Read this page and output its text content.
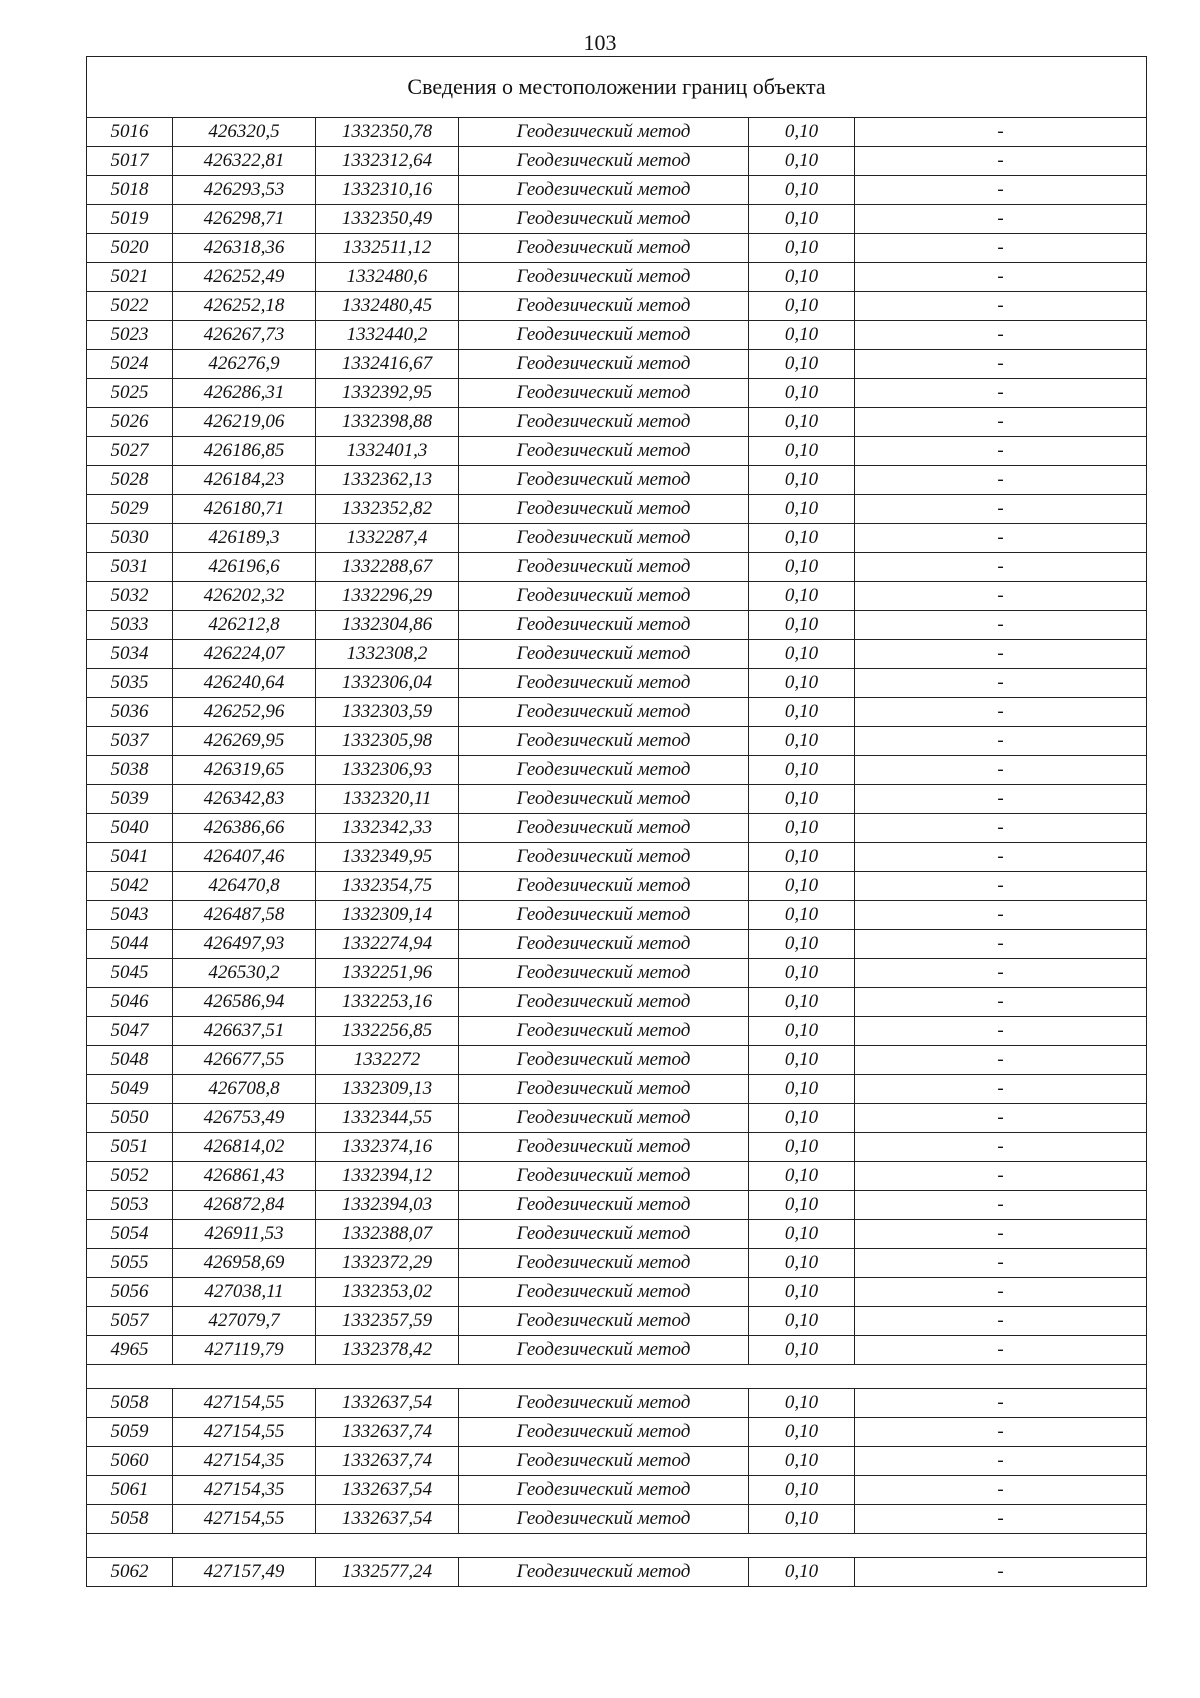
103
Сведения о местоположении границ объекта					
5016	426320,5	1332350,78	Геодезический метод	0,10	-
5017	426322,81	1332312,64	Геодезический метод	0,10	-
5018	426293,53	1332310,16	Геодезический метод	0,10	-
5019	426298,71	1332350,49	Геодезический метод	0,10	-
5020	426318,36	1332511,12	Геодезический метод	0,10	-
5021	426252,49	1332480,6	Геодезический метод	0,10	-
5022	426252,18	1332480,45	Геодезический метод	0,10	-
5023	426267,73	1332440,2	Геодезический метод	0,10	-
5024	426276,9	1332416,67	Геодезический метод	0,10	-
5025	426286,31	1332392,95	Геодезический метод	0,10	-
5026	426219,06	1332398,88	Геодезический метод	0,10	-
5027	426186,85	1332401,3	Геодезический метод	0,10	-
5028	426184,23	1332362,13	Геодезический метод	0,10	-
5029	426180,71	1332352,82	Геодезический метод	0,10	-
5030	426189,3	1332287,4	Геодезический метод	0,10	-
5031	426196,6	1332288,67	Геодезический метод	0,10	-
5032	426202,32	1332296,29	Геодезический метод	0,10	-
5033	426212,8	1332304,86	Геодезический метод	0,10	-
5034	426224,07	1332308,2	Геодезический метод	0,10	-
5035	426240,64	1332306,04	Геодезический метод	0,10	-
5036	426252,96	1332303,59	Геодезический метод	0,10	-
5037	426269,95	1332305,98	Геодезический метод	0,10	-
5038	426319,65	1332306,93	Геодезический метод	0,10	-
5039	426342,83	1332320,11	Геодезический метод	0,10	-
5040	426386,66	1332342,33	Геодезический метод	0,10	-
5041	426407,46	1332349,95	Геодезический метод	0,10	-
5042	426470,8	1332354,75	Геодезический метод	0,10	-
5043	426487,58	1332309,14	Геодезический метод	0,10	-
5044	426497,93	1332274,94	Геодезический метод	0,10	-
5045	426530,2	1332251,96	Геодезический метод	0,10	-
5046	426586,94	1332253,16	Геодезический метод	0,10	-
5047	426637,51	1332256,85	Геодезический метод	0,10	-
5048	426677,55	1332272	Геодезический метод	0,10	-
5049	426708,8	1332309,13	Геодезический метод	0,10	-
5050	426753,49	1332344,55	Геодезический метод	0,10	-
5051	426814,02	1332374,16	Геодезический метод	0,10	-
5052	426861,43	1332394,12	Геодезический метод	0,10	-
5053	426872,84	1332394,03	Геодезический метод	0,10	-
5054	426911,53	1332388,07	Геодезический метод	0,10	-
5055	426958,69	1332372,29	Геодезический метод	0,10	-
5056	427038,11	1332353,02	Геодезический метод	0,10	-
5057	427079,7	1332357,59	Геодезический метод	0,10	-
4965	427119,79	1332378,42	Геодезический метод	0,10	-

5058	427154,55	1332637,54	Геодезический метод	0,10	-
5059	427154,55	1332637,74	Геодезический метод	0,10	-
5060	427154,35	1332637,74	Геодезический метод	0,10	-
5061	427154,35	1332637,54	Геодезический метод	0,10	-
5058	427154,55	1332637,54	Геодезический метод	0,10	-

5062	427157,49	1332577,24	Геодезический метод	0,10	-
